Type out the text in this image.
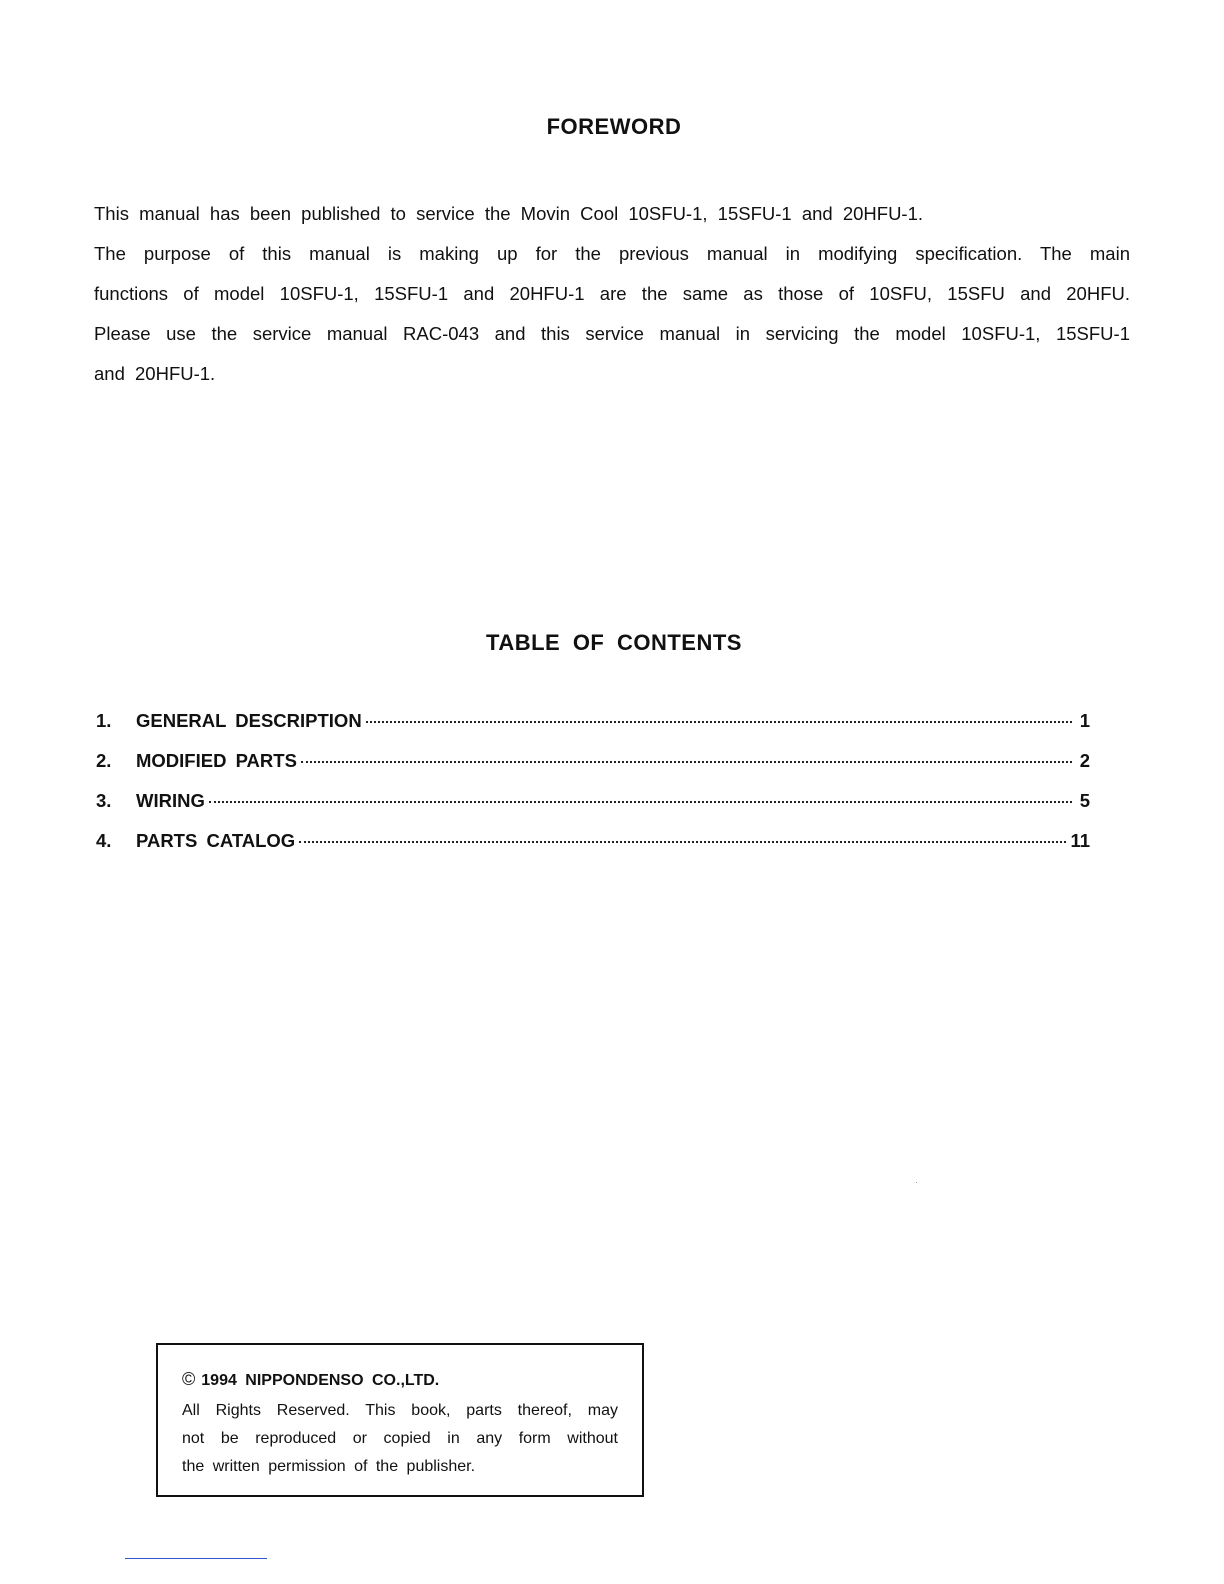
FOREWORD
This manual has been published to service the Movin Cool 10SFU-1, 15SFU-1 and 20HFU-1.
The purpose of this manual is making up for the previous manual in modifying specification. The main
functions of model 10SFU-1, 15SFU-1 and 20HFU-1 are the same as those of 10SFU, 15SFU and 20HFU.
Please use the service manual RAC-043 and this service manual in servicing the model 10SFU-1, 15SFU-1
and 20HFU-1.
TABLE OF CONTENTS
1.	GENERAL DESCRIPTION	1
2.	MODIFIED PARTS	2
3.	WIRING	5
4.	PARTS CATALOG	11
© 1994 NIPPONDENSO CO.,LTD.
All Rights Reserved. This book, parts thereof, may
not be reproduced or copied in any form without
the written permission of the publisher.
